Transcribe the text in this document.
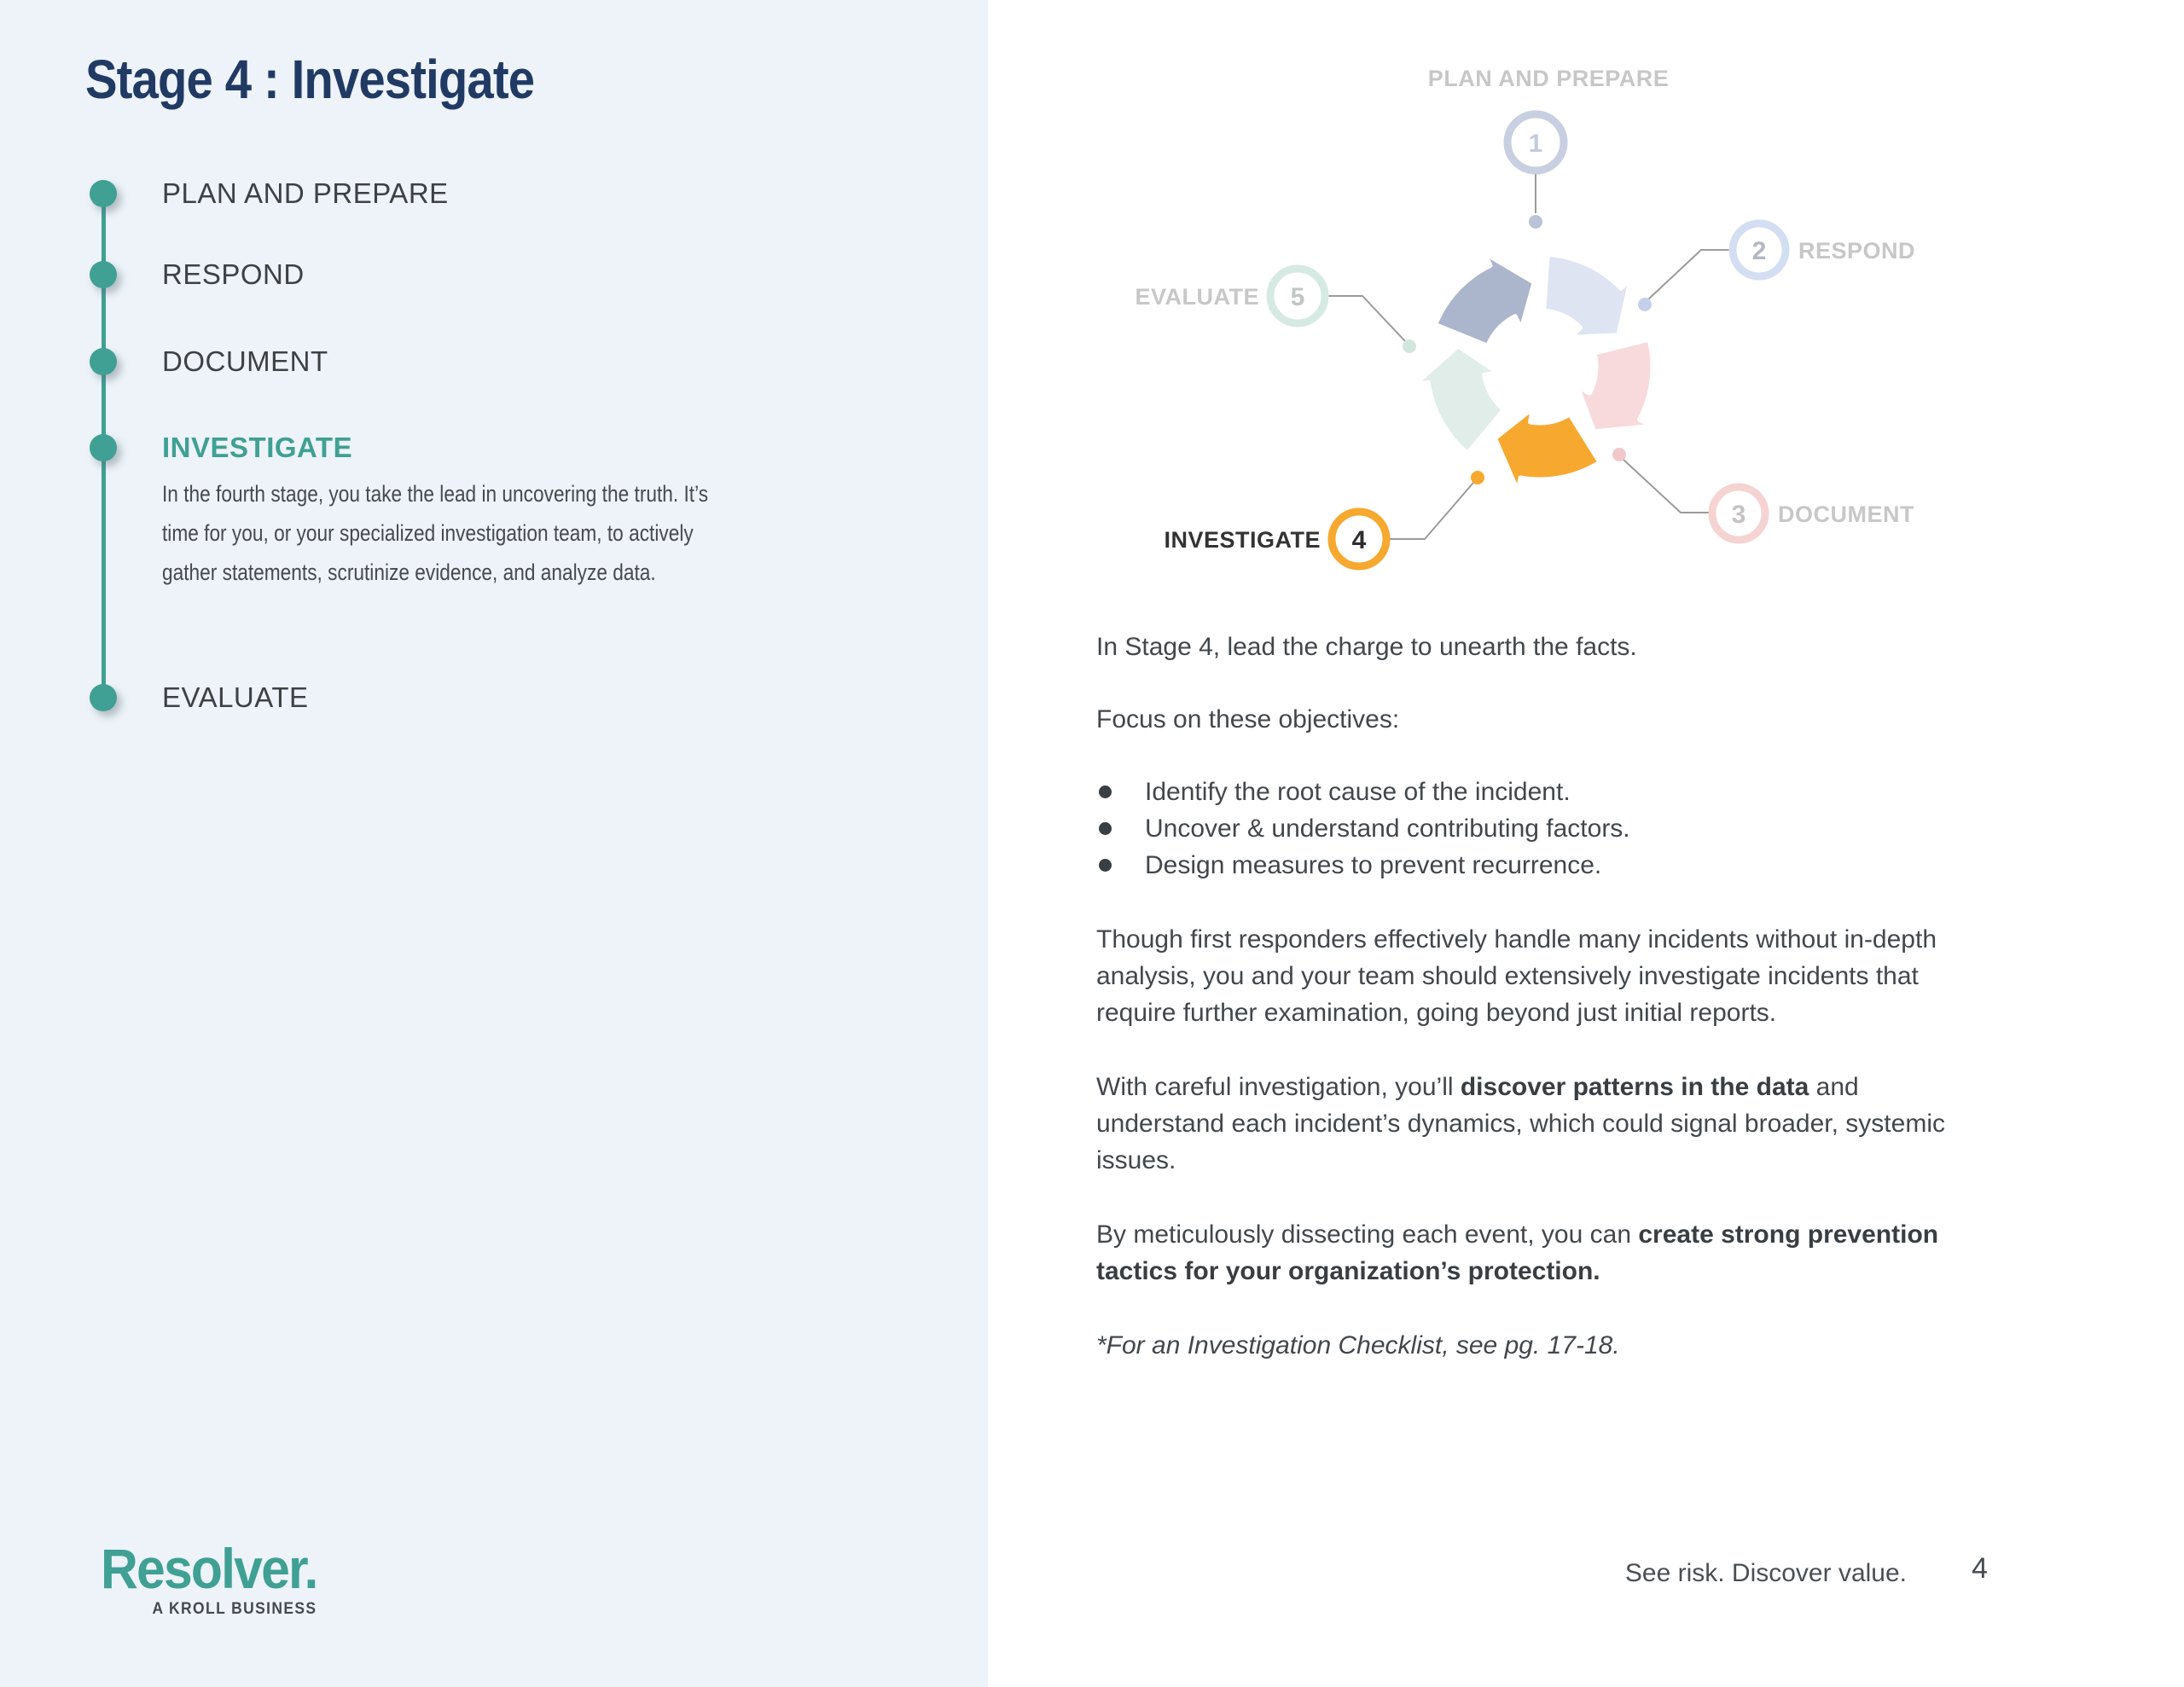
Stage 4 : Investigate
PLAN AND PREPARE
RESPOND
DOCUMENT
INVESTIGATE
In the fourth stage, you take the lead in uncovering the truth. It’s time for you, or your specialized investigation team, to actively gather statements, scrutinize evidence, and analyze data.
EVALUATE
Resolver.
A KROLL BUSINESS
1
PLAN AND PREPARE
2 RESPOND
3 DOCUMENT
4
INVESTIGATE
5
EVALUATE

In Stage 4, lead the charge to unearth the facts.

Focus on these objectives:

Identify the root cause of the incident.
Uncover & understand contributing factors.
Design measures to prevent recurrence.

Though first responders effectively handle many incidents without in-depth analysis, you and your team should extensively investigate incidents that require further examination, going beyond just initial reports.

With careful investigation, you’ll discover patterns in the data and understand each incident’s dynamics, which could signal broader, systemic issues.

By meticulously dissecting each event, you can create strong prevention tactics for your organization’s protection.

*For an Investigation Checklist, see pg. 17-18.

See risk. Discover value. 4
